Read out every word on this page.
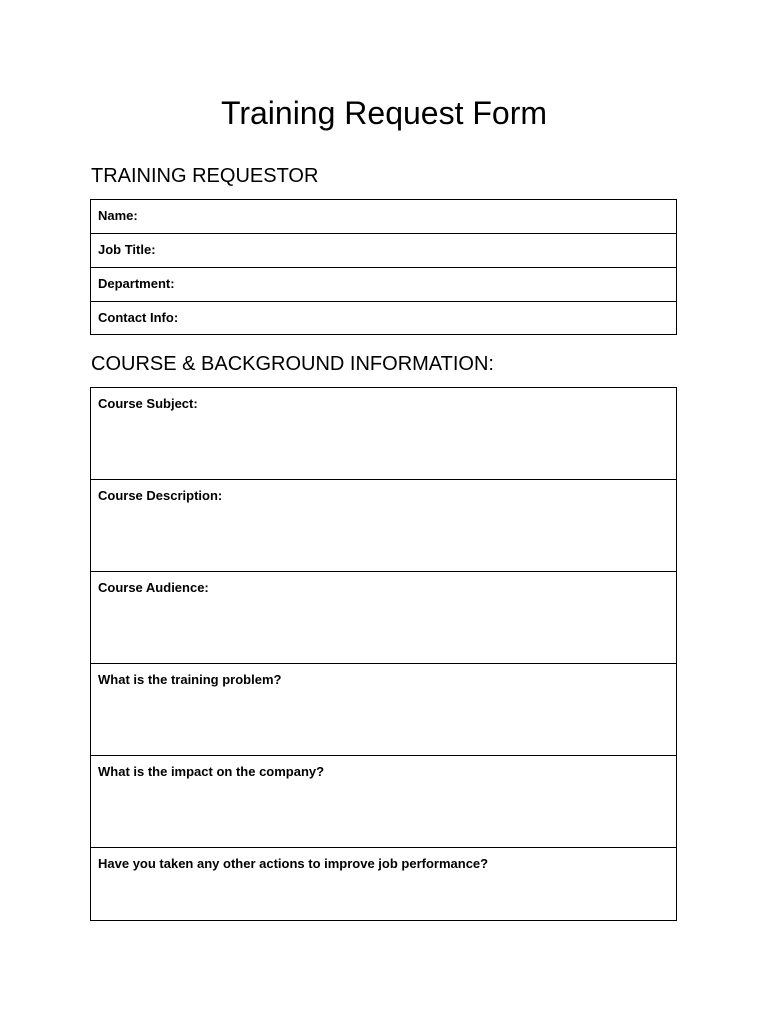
Training Request Form
TRAINING REQUESTOR
Name:
Job Title:
Department:
Contact Info:
COURSE & BACKGROUND INFORMATION:
Course Subject:
Course Description:
Course Audience:
What is the training problem?
What is the impact on the company?
Have you taken any other actions to improve job performance?
